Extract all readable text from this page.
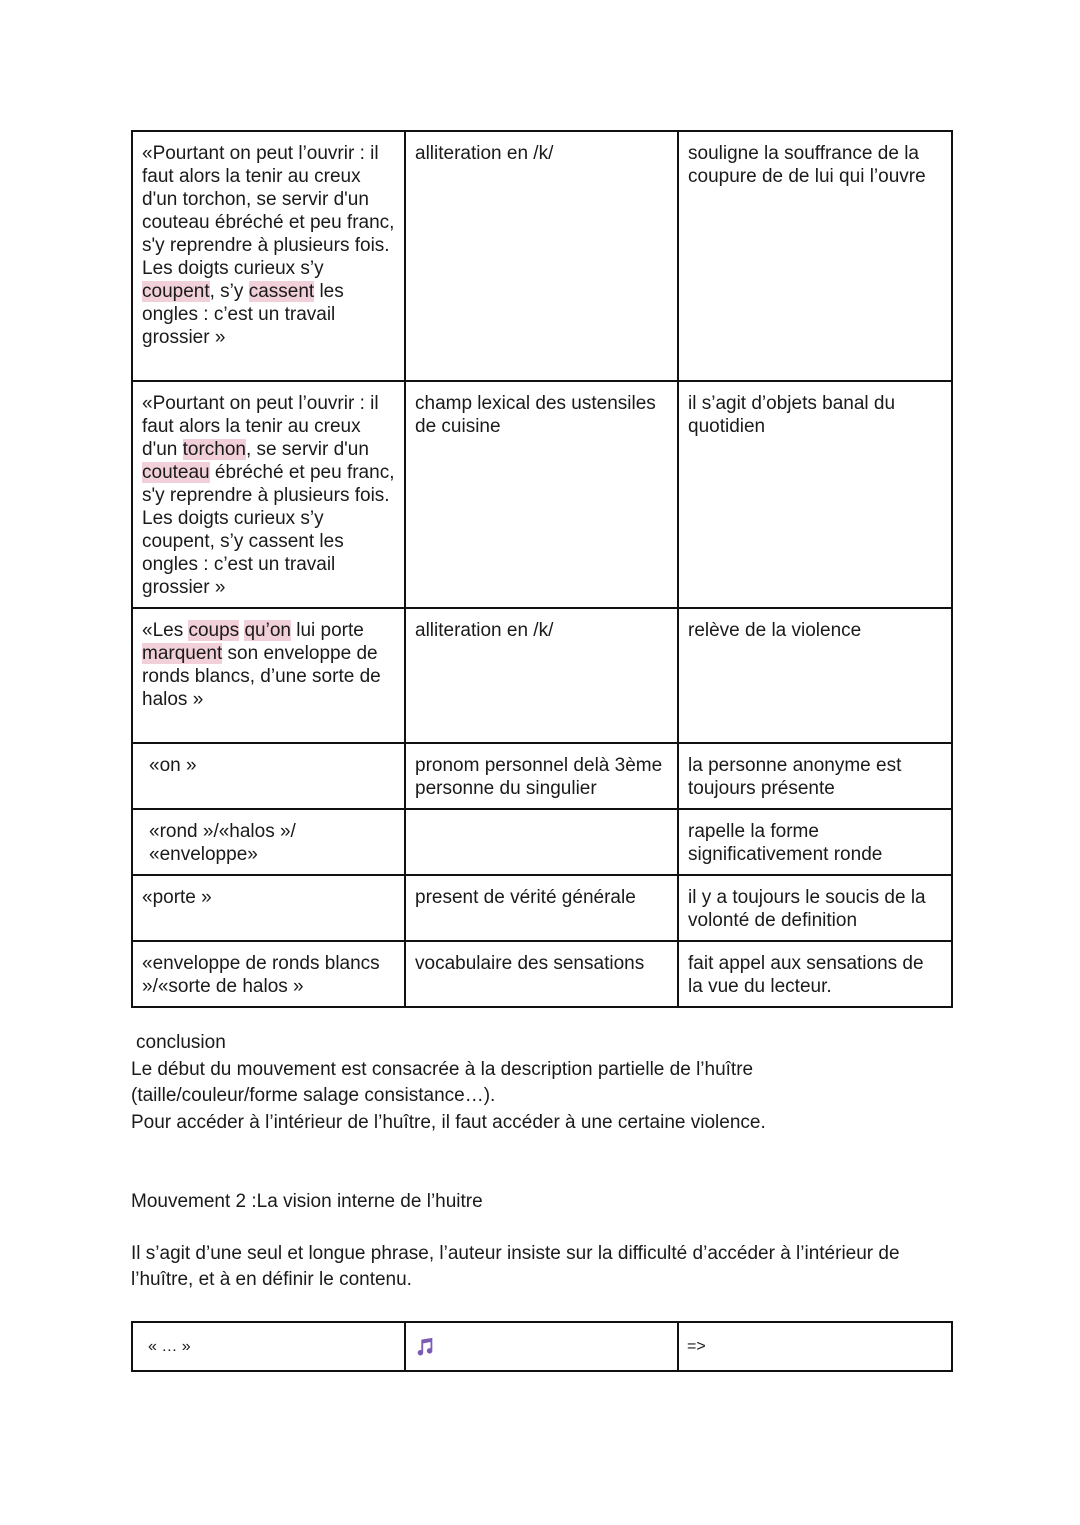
«Pourtant on peut l’ouvrir : il faut alors la tenir au creux d'un torchon, se servir d'un couteau ébréché et peu franc, s'y reprendre à plusieurs fois. Les doigts curieux s’y coupent, s’y cassent les ongles : c’est un travail grossier »	alliteration en /k/	souligne la souffrance de la coupure de de lui qui l’ouvre
«Pourtant on peut l’ouvrir : il faut alors la tenir au creux d'un torchon, se servir d'un couteau ébréché et peu franc, s'y reprendre à plusieurs fois. Les doigts curieux s’y coupent, s’y cassent les ongles : c’est un travail grossier »	champ lexical des ustensiles de cuisine	il s’agit d’objets banal du quotidien
«Les coups qu’on lui porte marquent son enveloppe de ronds blancs, d’une sorte de halos »	alliteration en /k/	relève de la violence
«on »	pronom personnel delà 3ème personne du singulier	la personne anonyme est toujours présente
«rond »/«halos »/ «enveloppe»		rapelle la forme significativement ronde
«porte »	present de vérité générale	il y a toujours le soucis de la volonté de definition
«enveloppe de ronds blancs »/«sorte de halos »	vocabulaire des sensations	fait appel aux sensations de la vue du lecteur.
conclusion
Le début du mouvement est consacrée à la description partielle de l’huître (taille/couleur/forme salage consistance…).
Pour accéder à l’intérieur de l’huître, il faut accéder à une certaine violence.
Mouvement 2 :La vision interne de l’huitre
Il s’agit d’une seul et longue phrase, l’auteur insiste sur la difficulté d’accéder à l’intérieur de l’huître, et à en définir le contenu.
« … »		=>
